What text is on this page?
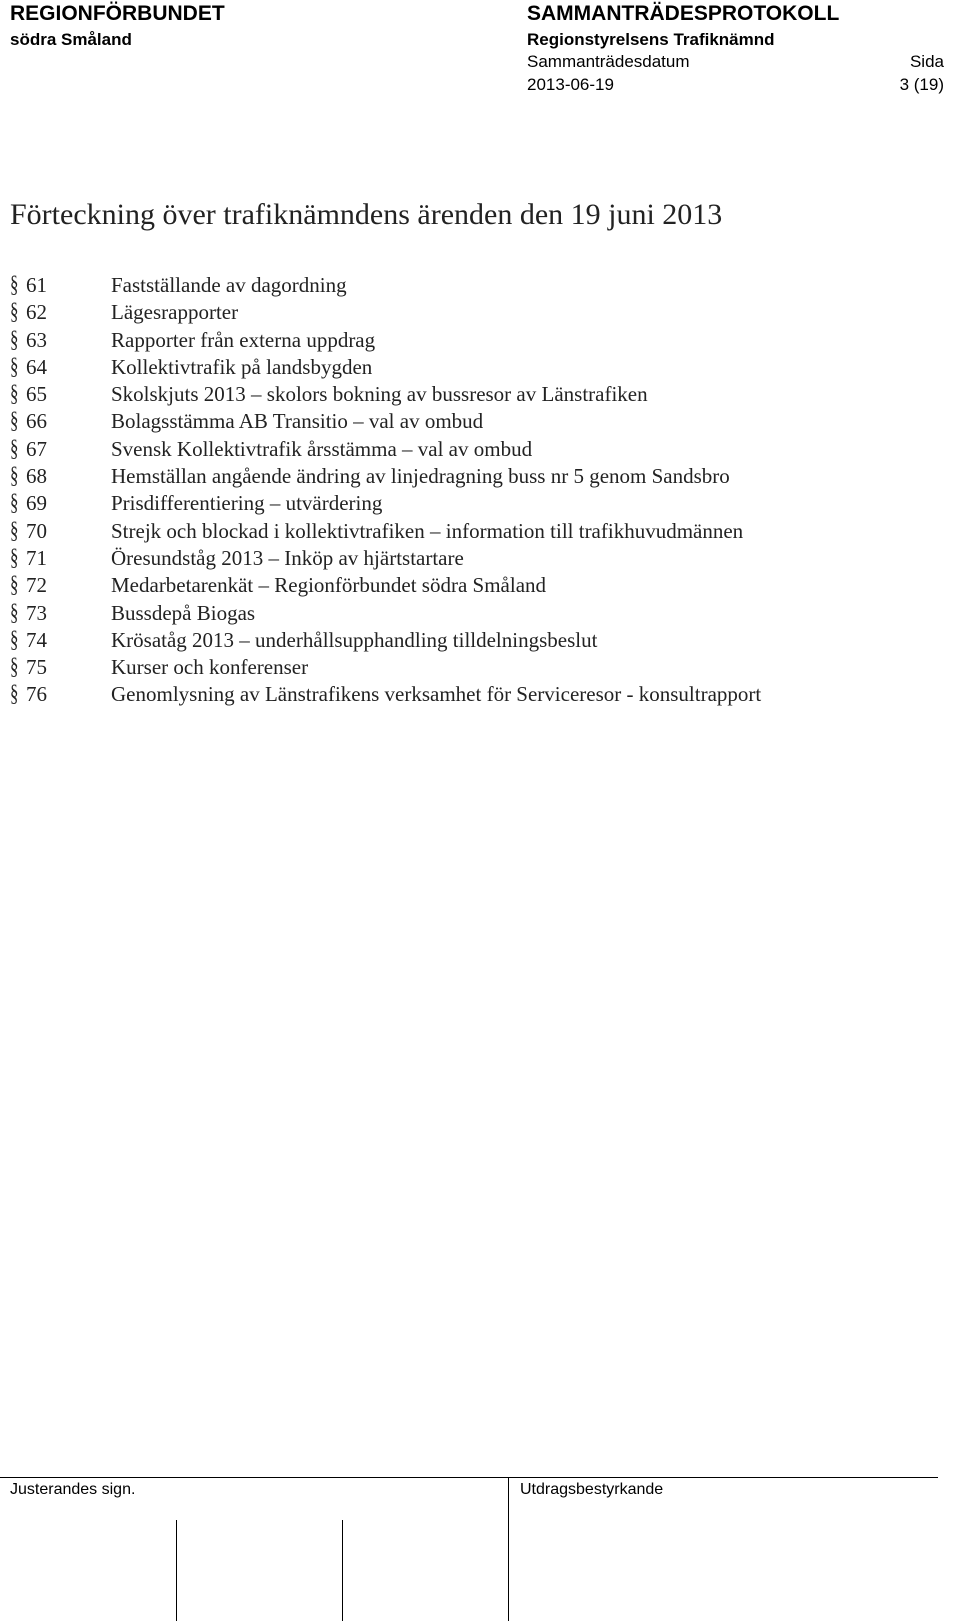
REGIONFÖRBUNDET
södra Småland
SAMMANTRÄDESPROTOKOLL
Regionstyrelsens Trafiknämnd
Sammanträdesdatum	Sida
2013-06-19	3 (19)
Förteckning över trafiknämndens ärenden den 19 juni 2013
§ 61	Fastställande av dagordning
§ 62	Lägesrapporter
§ 63	Rapporter från externa uppdrag
§ 64	Kollektivtrafik på landsbygden
§ 65	Skolskjuts 2013 – skolors bokning av bussresor av Länstrafiken
§ 66	Bolagsstämma AB Transitio – val av ombud
§ 67	Svensk Kollektivtrafik årsstämma – val av ombud
§ 68	Hemställan angående ändring av linjedragning buss nr 5 genom Sandsbro
§ 69	Prisdifferentiering – utvärdering
§ 70	Strejk och blockad i kollektivtrafiken – information till trafikhuvudmännen
§ 71	Öresundståg 2013 – Inköp av hjärtstartare
§ 72	Medarbetarenkät – Regionförbundet södra Småland
§ 73	Bussdepå Biogas
§ 74	Krösatåg 2013 – underhållsupphandling tilldelningsbeslut
§ 75	Kurser och konferenser
§ 76	Genomlysning av Länstrafikens verksamhet för Serviceresor - konsultrapport
Justerandes sign.	Utdragsbestyrkande
